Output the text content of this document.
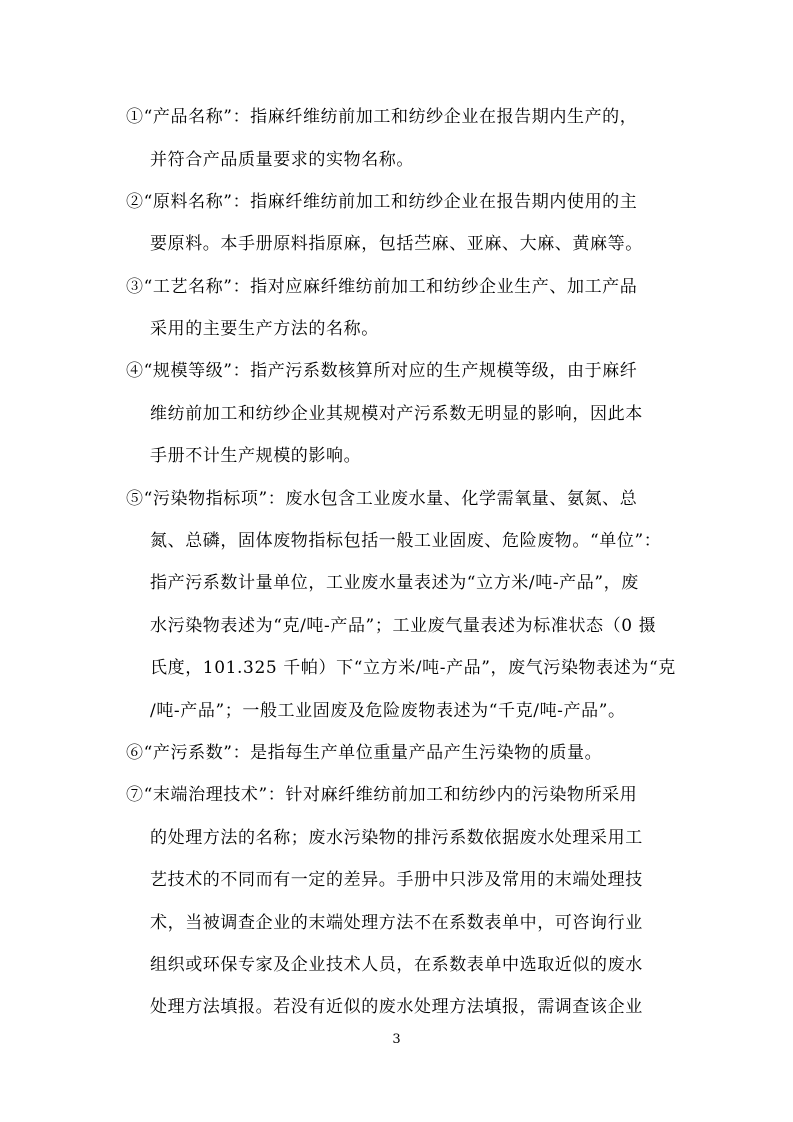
①“产品名称”：指麻纤维纺前加工和纺纱企业在报告期内生产的，
并符合产品质量要求的实物名称。
②“原料名称”：指麻纤维纺前加工和纺纱企业在报告期内使用的主
要原料。本手册原料指原麻，包括苎麻、亚麻、大麻、黄麻等。
③“工艺名称”：指对应麻纤维纺前加工和纺纱企业生产、加工产品
采用的主要生产方法的名称。
④“规模等级”：指产污系数核算所对应的生产规模等级，由于麻纤
维纺前加工和纺纱企业其规模对产污系数无明显的影响，因此本
手册不计生产规模的影响。
⑤“污染物指标项”：废水包含工业废水量、化学需氧量、氨氮、总
氮、总磷，固体废物指标包括一般工业固废、危险废物。“单位”：
指产污系数计量单位，工业废水量表述为“立方米/吨-产品”，废
水污染物表述为“克/吨-产品”；工业废气量表述为标准状态（0 摄
氏度，101.325 千帕）下“立方米/吨-产品”，废气污染物表述为“克
/吨-产品”；一般工业固废及危险废物表述为“千克/吨-产品”。
⑥“产污系数”：是指每生产单位重量产品产生污染物的质量。
⑦“末端治理技术”：针对麻纤维纺前加工和纺纱内的污染物所采用
的处理方法的名称；废水污染物的排污系数依据废水处理采用工
艺技术的不同而有一定的差异。手册中只涉及常用的末端处理技
术，当被调查企业的末端处理方法不在系数表单中，可咨询行业
组织或环保专家及企业技术人员，在系数表单中选取近似的废水
处理方法填报。若没有近似的废水处理方法填报，需调查该企业
3
